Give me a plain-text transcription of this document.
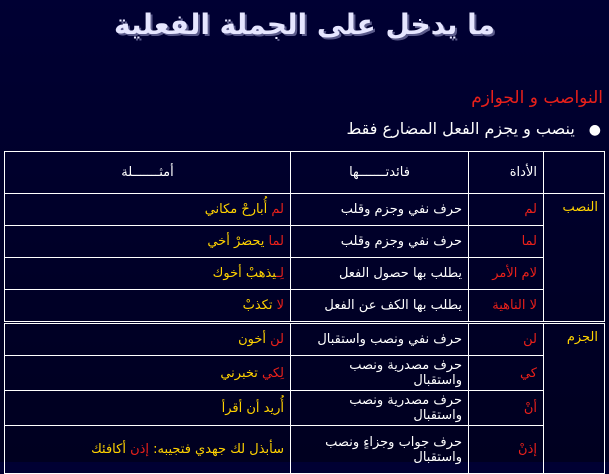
ما يدخل على الجملة الفعلية
النواصب و الجوازم
●ينصب و يجزم الفعل المضارع فقط
	الأداة	فائدتـــــــها	أمثـــــــلة
النصب	لم	حرف نفي وجزم وقلب	لم أُبارحْ مكاني
	لما	حرف نفي وجزم وقلب	لما يحضرْ أخي
	لام الأمر	يطلب بها حصول الفعل	لِـيذهبْ أخوك
	لا الناهية	يطلب بها الكف عن الفعل	لا تكذبْ
الجزم	لن	حرف نفي ونصب واستقبال	لن أخون
	كي	حرف مصدرية ونصب واستقبال	لِكي تخبرني
	أنْ	حرف مصدرية ونصب واستقبال	أُريد أن أقرأ
	إذنْ	حرف جواب وجزاءٍ ونصب واستقبال	سأبذل لك جهدي فتجيبه: إذن أكافئك
